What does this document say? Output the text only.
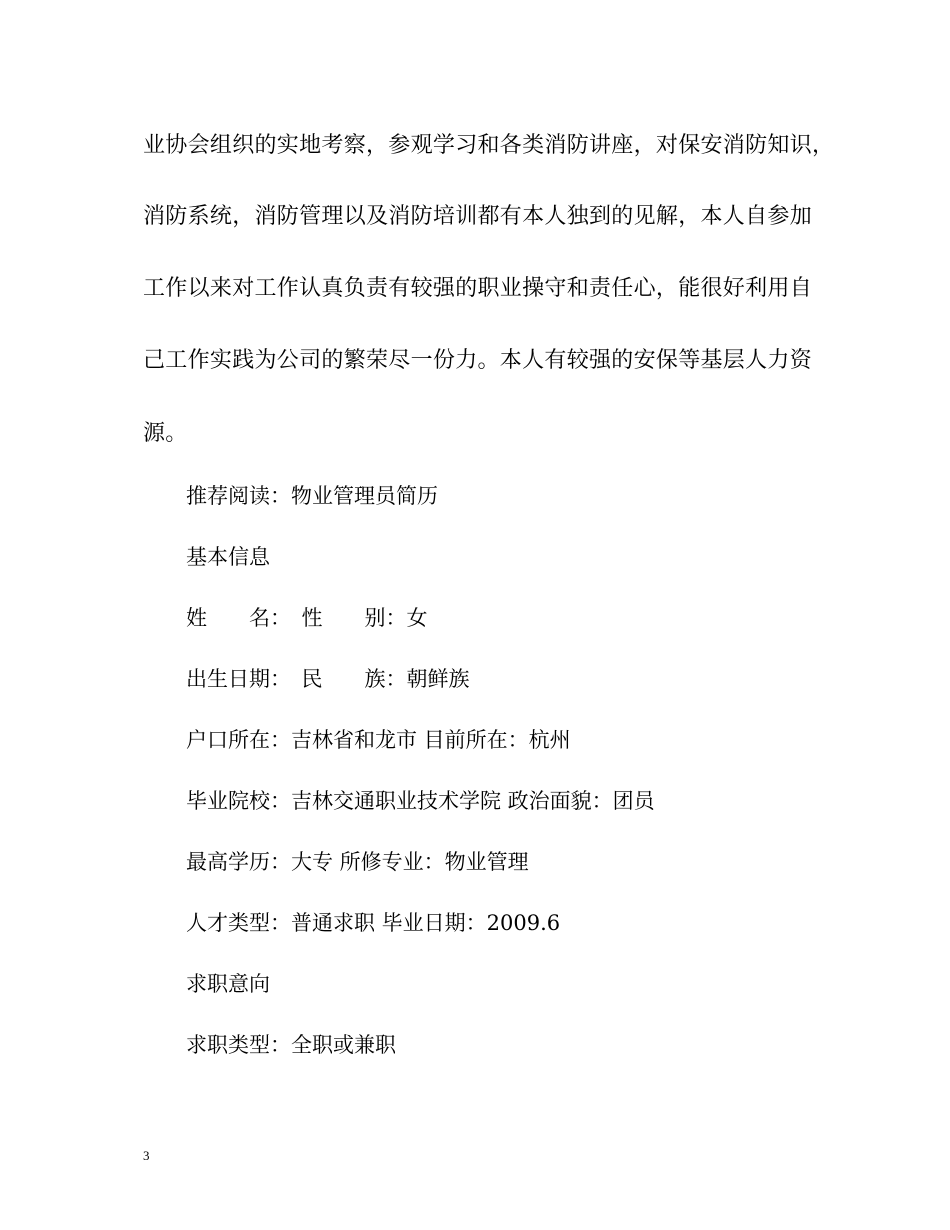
业协会组织的实地考察，参观学习和各类消防讲座，对保安消防知识，
消防系统，消防管理以及消防培训都有本人独到的见解，本人自参加
工作以来对工作认真负责有较强的职业操守和责任心，能很好利用自
己工作实践为公司的繁荣尽一份力。本人有较强的安保等基层人力资
源。
推荐阅读：物业管理员简历
基本信息
姓　　名：　性　　别：女
出生日期：　民　　族：朝鲜族
户口所在：吉林省和龙市 目前所在：杭州
毕业院校：吉林交通职业技术学院 政治面貌：团员
最高学历：大专 所修专业：物业管理
人才类型：普通求职 毕业日期：2009.6
求职意向
求职类型：全职或兼职
3
